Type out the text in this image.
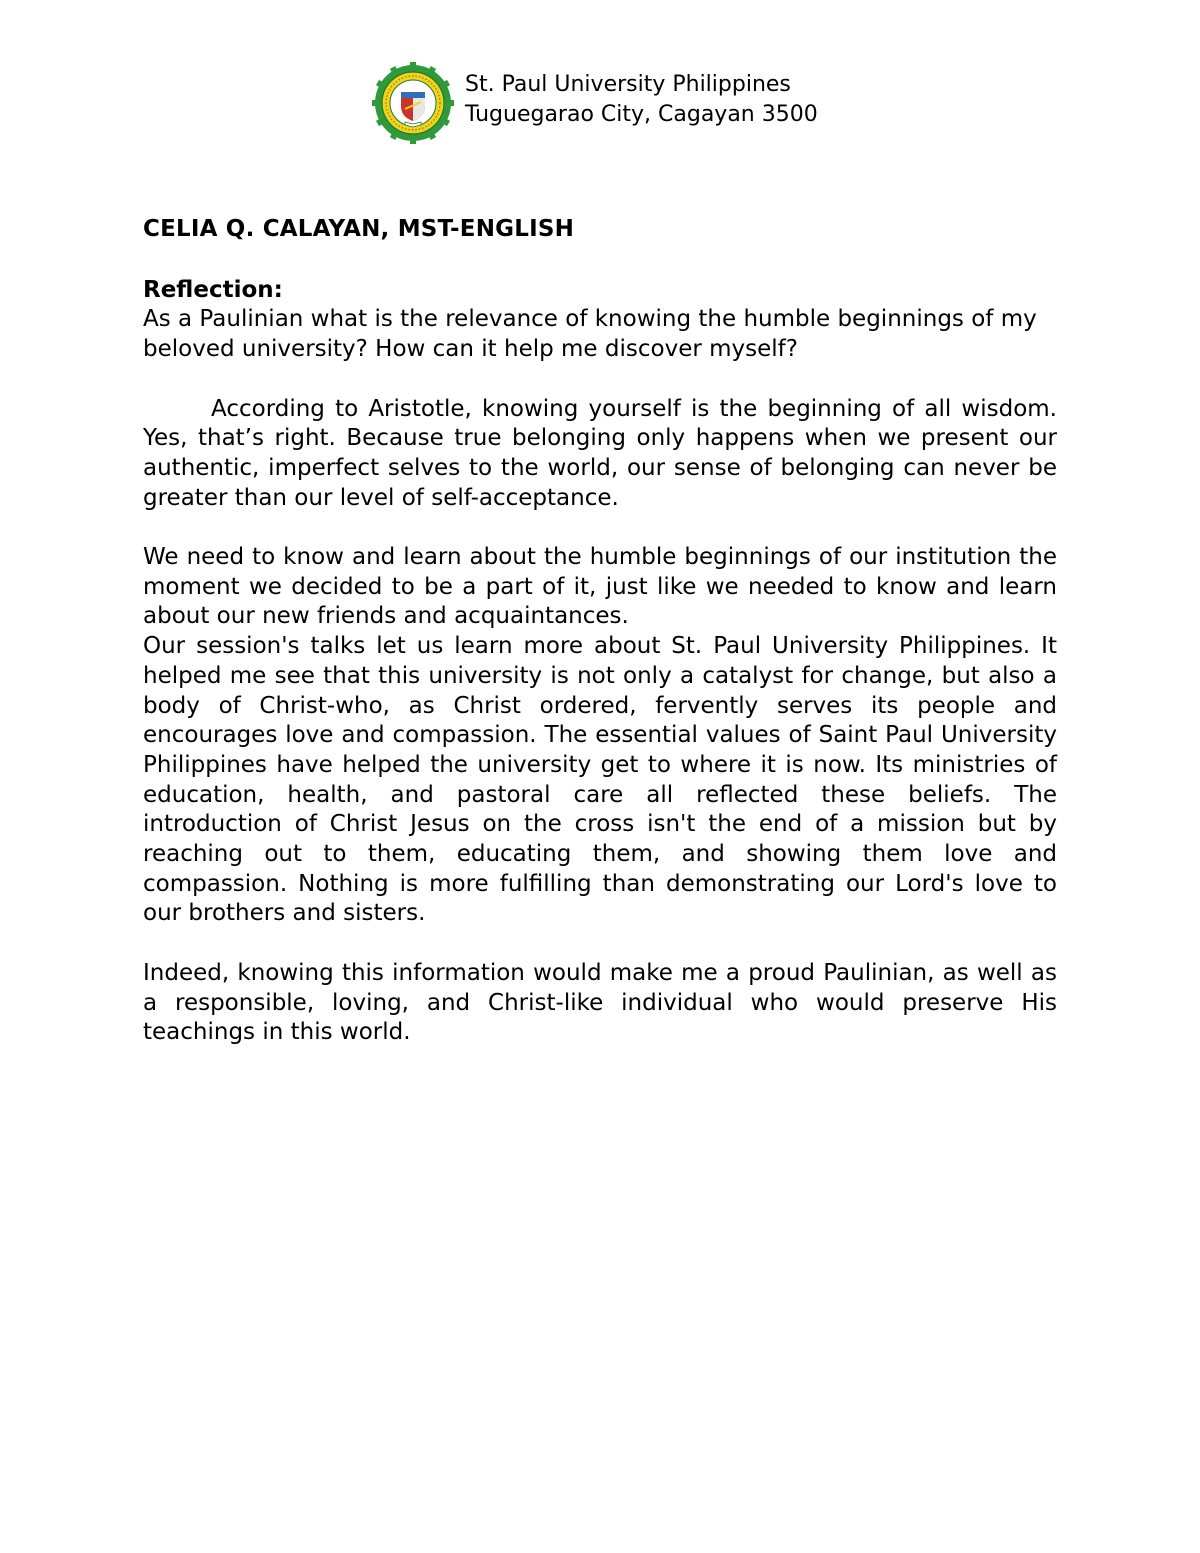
St. Paul University Philippines
Tuguegarao City, Cagayan 3500

CELIA Q. CALAYAN, MST-ENGLISH

Reflection:

As a Paulinian what is the relevance of knowing the humble beginnings of my beloved university? How can it help me discover myself?

According to Aristotle, knowing yourself is the beginning of all wisdom. Yes, that’s right. Because true belonging only happens when we present our authentic, imperfect selves to the world, our sense of belonging can never be greater than our level of self-acceptance.

We need to know and learn about the humble beginnings of our institution the moment we decided to be a part of it, just like we needed to know and learn about our new friends and acquaintances.

Our session's talks let us learn more about St. Paul University Philippines. It helped me see that this university is not only a catalyst for change, but also a body of Christ-who, as Christ ordered, fervently serves its people and encourages love and compassion. The essential values of Saint Paul University Philippines have helped the university get to where it is now. Its ministries of education, health, and pastoral care all reflected these beliefs. The introduction of Christ Jesus on the cross isn't the end of a mission but by reaching out to them, educating them, and showing them love and compassion. Nothing is more fulfilling than demonstrating our Lord's love to our brothers and sisters.

Indeed, knowing this information would make me a proud Paulinian, as well as a responsible, loving, and Christ-like individual who would preserve His teachings in this world.
